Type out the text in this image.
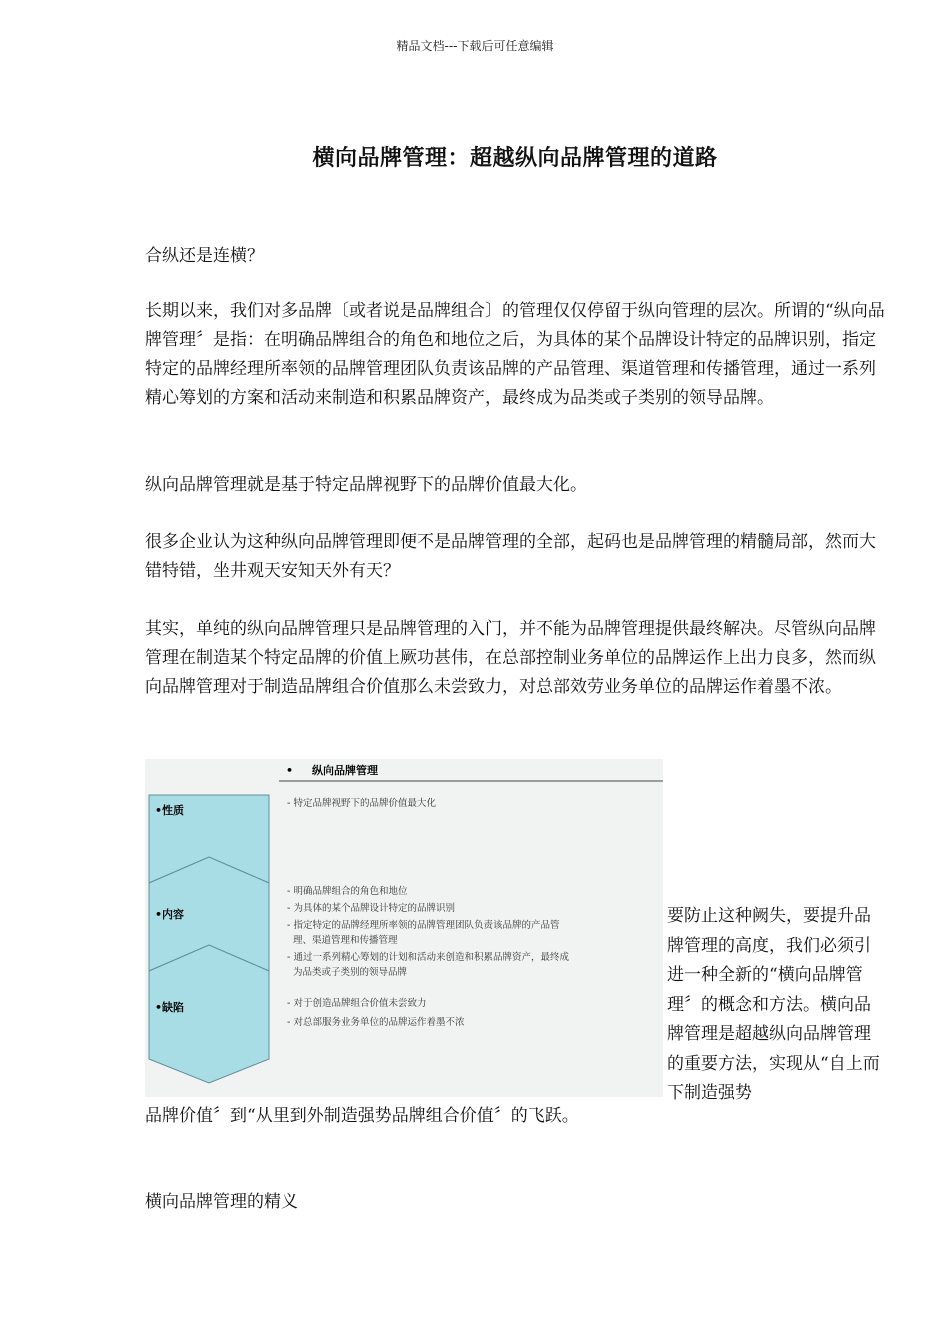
精品文档---下载后可任意编辑
横向品牌管理：超越纵向品牌管理的道路

合纵还是连横？

长期以来，我们对多品牌〔或者说是品牌组合〕的管理仅仅停留于纵向管理的层次。所谓的“纵向品牌管理〞是指：在明确品牌组合的角色和地位之后，为具体的某个品牌设计特定的品牌识别，指定特定的品牌经理所率领的品牌管理团队负责该品牌的产品管理、渠道管理和传播管理，通过一系列精心筹划的方案和活动来制造和积累品牌资产，最终成为品类或子类别的领导品牌。

纵向品牌管理就是基于特定品牌视野下的品牌价值最大化。

很多企业认为这种纵向品牌管理即便不是品牌管理的全部，起码也是品牌管理的精髓局部，然而大错特错，坐井观天安知天外有天？

其实，单纯的纵向品牌管理只是品牌管理的入门，并不能为品牌管理提供最终解决。尽管纵向品牌管理在制造某个特定品牌的价值上厥功甚伟，在总部控制业务单位的品牌运作上出力良多，然而纵向品牌管理对于制造品牌组合价值那么未尝致力，对总部效劳业务单位的品牌运作着墨不浓。

• 纵向品牌管理
•性质
•内容
•缺陷
- 特定品牌视野下的品牌价值最大化
- 明确品牌组合的角色和地位
- 为具体的某个品牌设计特定的品牌识别
- 指定特定的品牌经理所率领的品牌管理团队负责该品牌的产品管
理、渠道管理和传播管理
- 通过一系列精心筹划的计划和活动来创造和积累品牌资产，最终成
为品类或子类别的领导品牌
- 对于创造品牌组合价值未尝致力
- 对总部服务业务单位的品牌运作着墨不浓

要防止这种阙失，要提升品牌管理的高度，我们必须引进一种全新的“横向品牌管理〞的概念和方法。横向品牌管理是超越纵向品牌管理的重要方法，实现从“自上而下制造强势

品牌价值〞到“从里到外制造强势品牌组合价值〞的飞跃。

横向品牌管理的精义
